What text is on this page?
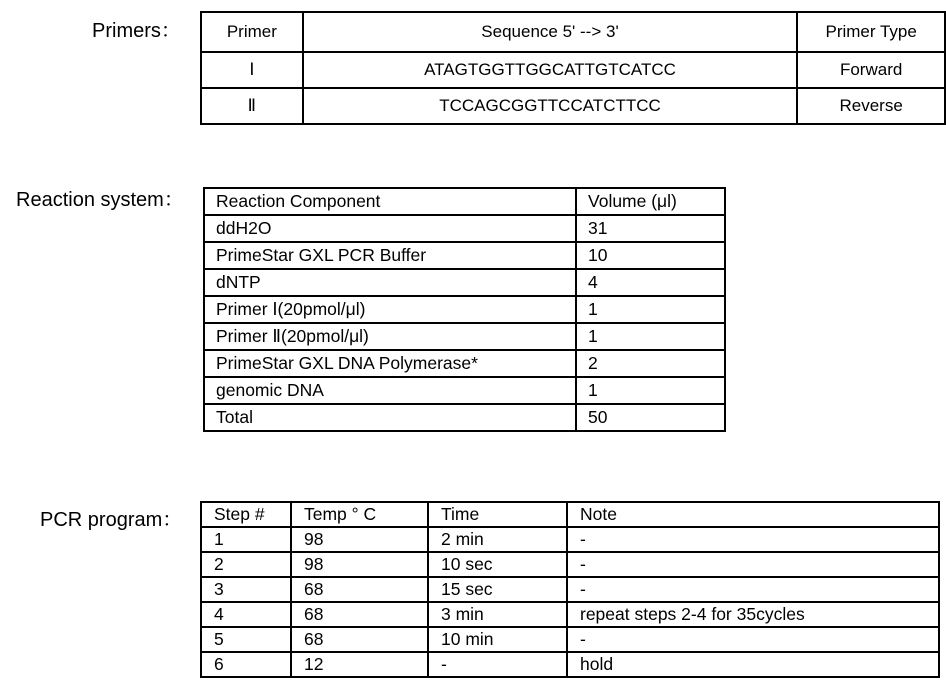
Primers：	Primer	Sequence 5' --> 3'	Primer Type
Ⅰ	ATAGTGGTTGGCATTGTCATCC	Forward
Ⅱ	TCCAGCGGTTCCATCTTCC	Reverse
Reaction system： Reaction Component	Volume (μl)
ddH2O	31
PrimeStar GXL PCR Buffer	10
dNTP	4
Primer Ⅰ(20pmol/μl)	1
Primer Ⅱ(20pmol/μl)	1
PrimeStar GXL DNA Polymerase*	2
genomic DNA	1
Total	50
PCR program： Step #	Temp ° C	Time	Note
1	98	2 min	-
2	98	10 sec	-
3	68	15 sec	-
4	68	3 min	repeat steps 2-4 for 35cycles
5	68	10 min	-
6	12	-	hold
